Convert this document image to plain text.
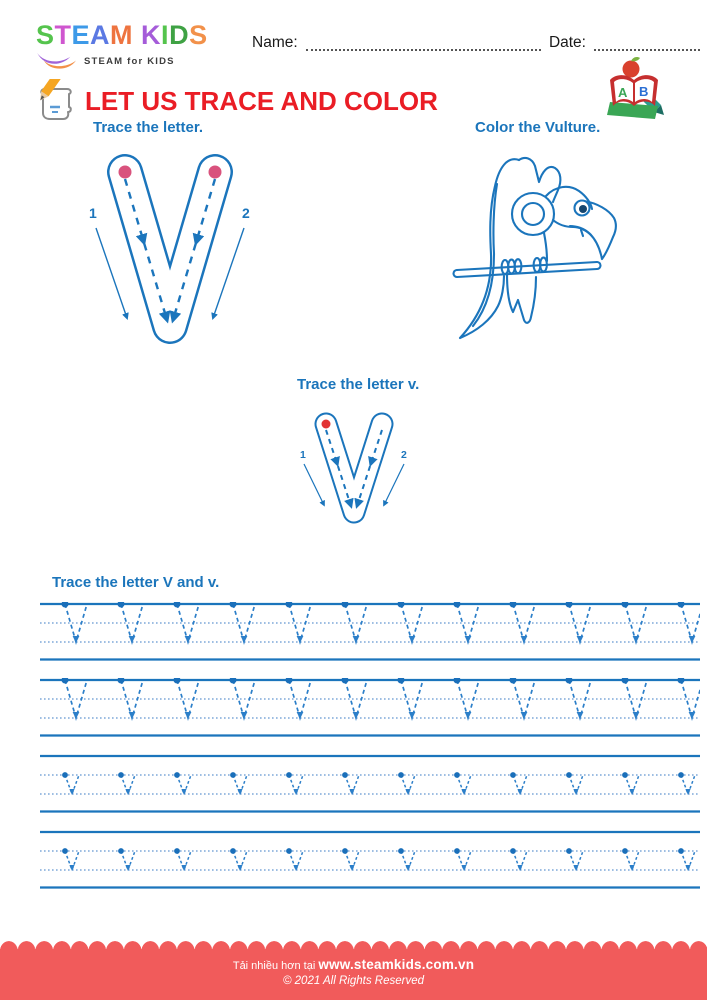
STEAM KIDS
STEAM for KIDS
Name:	Date:
A B
LET US TRACE AND COLOR
Trace the letter.	Color the Vulture.
1	2
Trace the letter v.
1	2
Trace the letter V and v.
Tải nhiều hơn tại www.steamkids.com.vn
© 2021 All Rights Reserved
